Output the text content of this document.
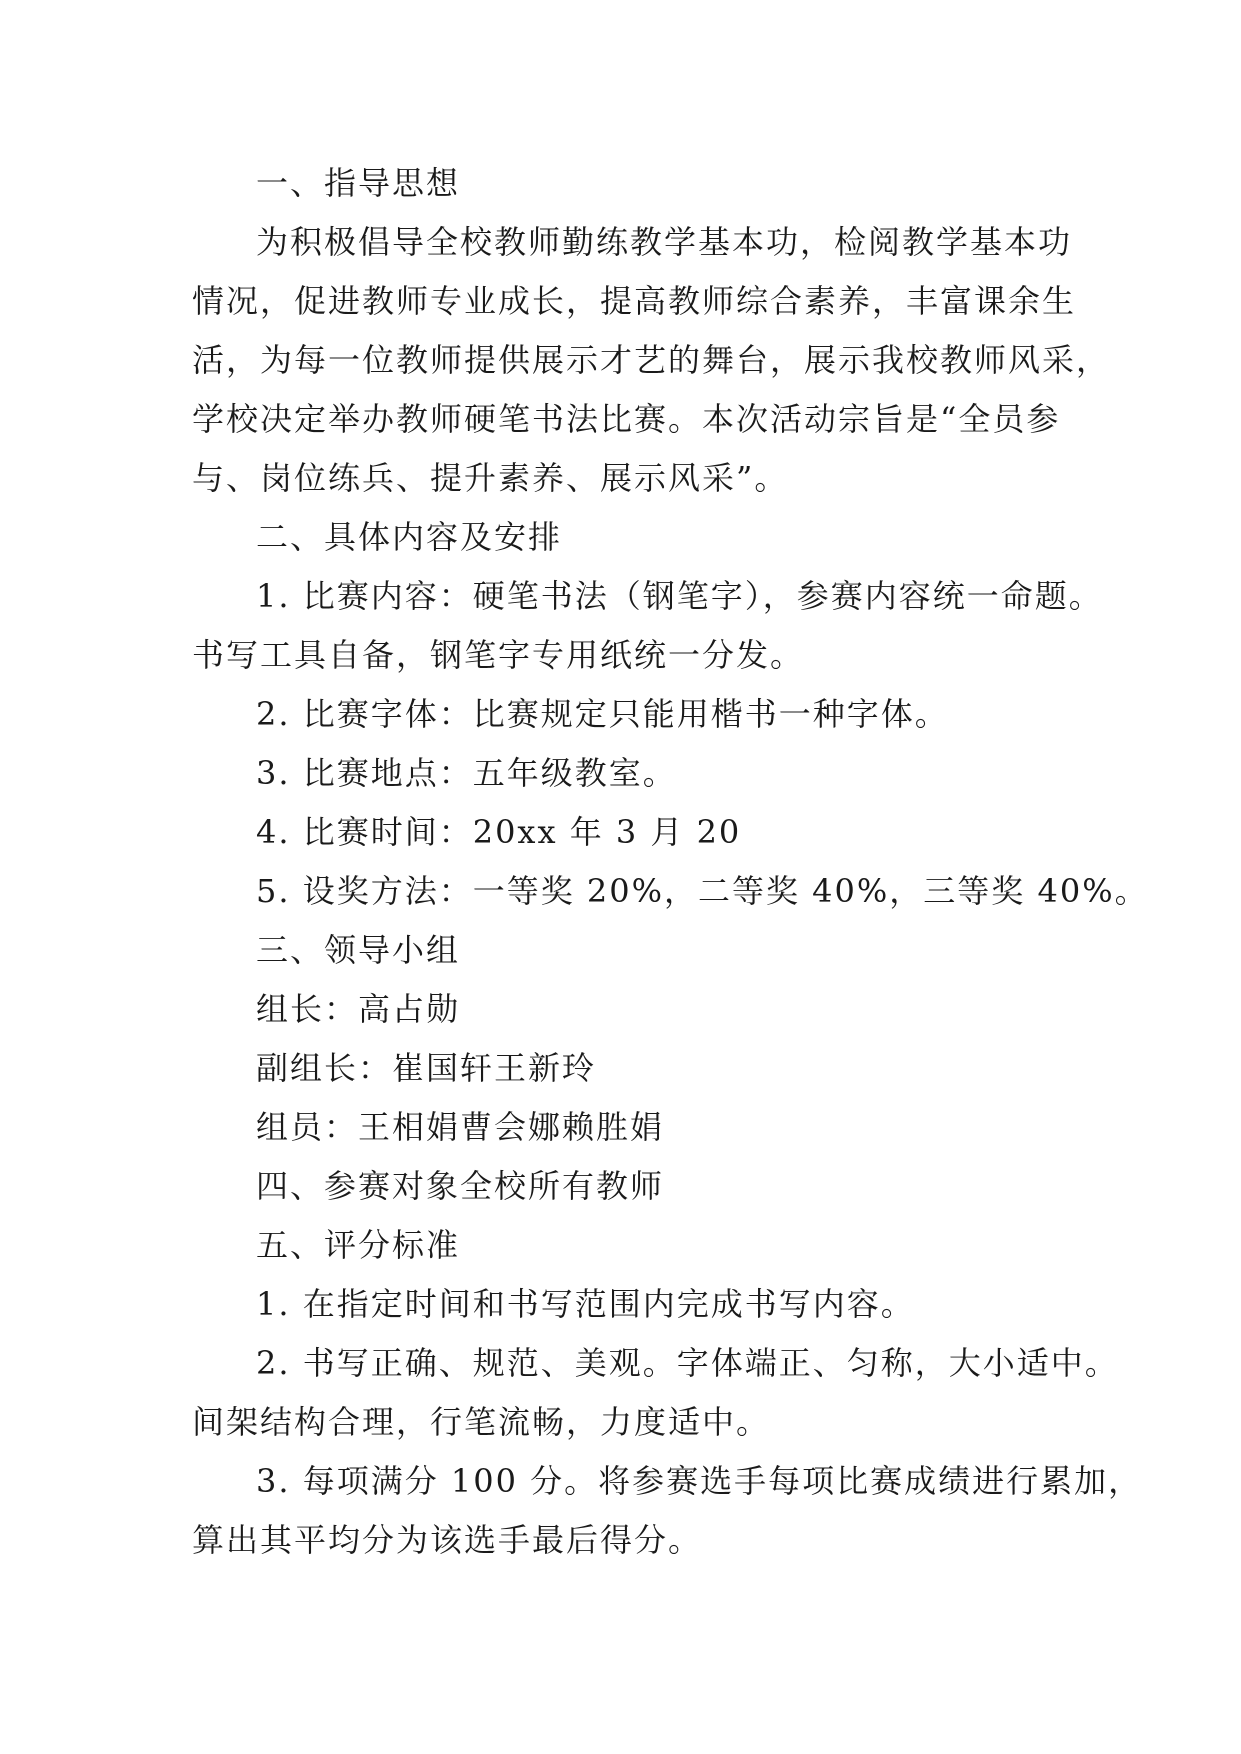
一、指导思想
为积极倡导全校教师勤练教学基本功，检阅教学基本功
情况，促进教师专业成长，提高教师综合素养，丰富课余生
活，为每一位教师提供展示才艺的舞台，展示我校教师风采，
学校决定举办教师硬笔书法比赛。本次活动宗旨是“全员参
与、岗位练兵、提升素养、展示风采”。
二、具体内容及安排
1. 比赛内容：硬笔书法（钢笔字），参赛内容统一命题。
书写工具自备，钢笔字专用纸统一分发。
2. 比赛字体：比赛规定只能用楷书一种字体。
3. 比赛地点：五年级教室。
4. 比赛时间：20xx 年 3 月 20
5. 设奖方法：一等奖 20%，二等奖 40%，三等奖 40%。
三、领导小组
组长：高占勋
副组长：崔国轩王新玲
组员：王相娟曹会娜赖胜娟
四、参赛对象全校所有教师
五、评分标准
1. 在指定时间和书写范围内完成书写内容。
2. 书写正确、规范、美观。字体端正、匀称，大小适中。
间架结构合理，行笔流畅，力度适中。
3. 每项满分 100 分。将参赛选手每项比赛成绩进行累加，
算出其平均分为该选手最后得分。
